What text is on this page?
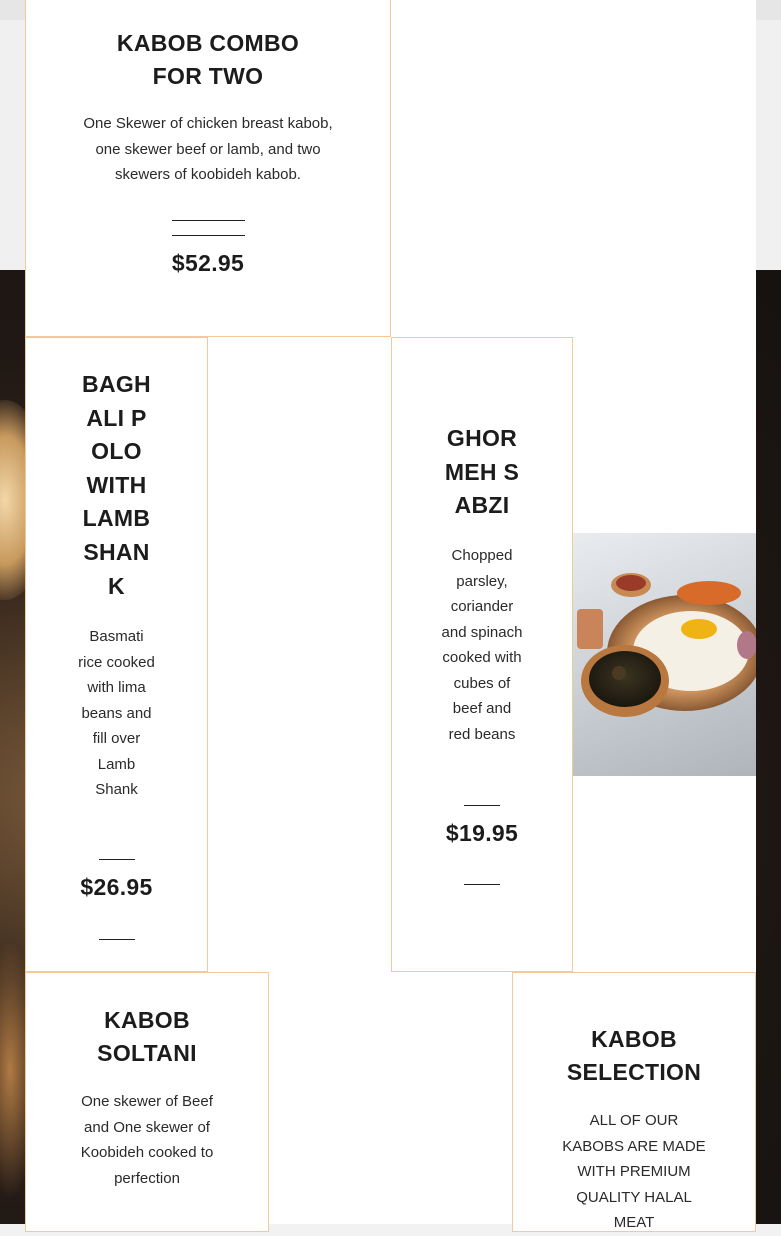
KABOB COMBO FOR TWO
One Skewer of chicken breast kabob, one skewer beef or lamb, and two skewers of koobideh kabob.
$52.95
BAGHALI POLO WITH LAMB SHANK
Basmati rice cooked with lima beans and fill over Lamb Shank
$26.95
GHORMEH SABZI
Chopped parsley, coriander and spinach cooked with cubes of beef and red beans
$19.95
KABOB SOLTANI
One skewer of Beef and One skewer of Koobideh cooked to perfection
KABOB SELECTION
ALL OF OUR KABOBS ARE MADE WITH PREMIUM QUALITY HALAL MEAT
